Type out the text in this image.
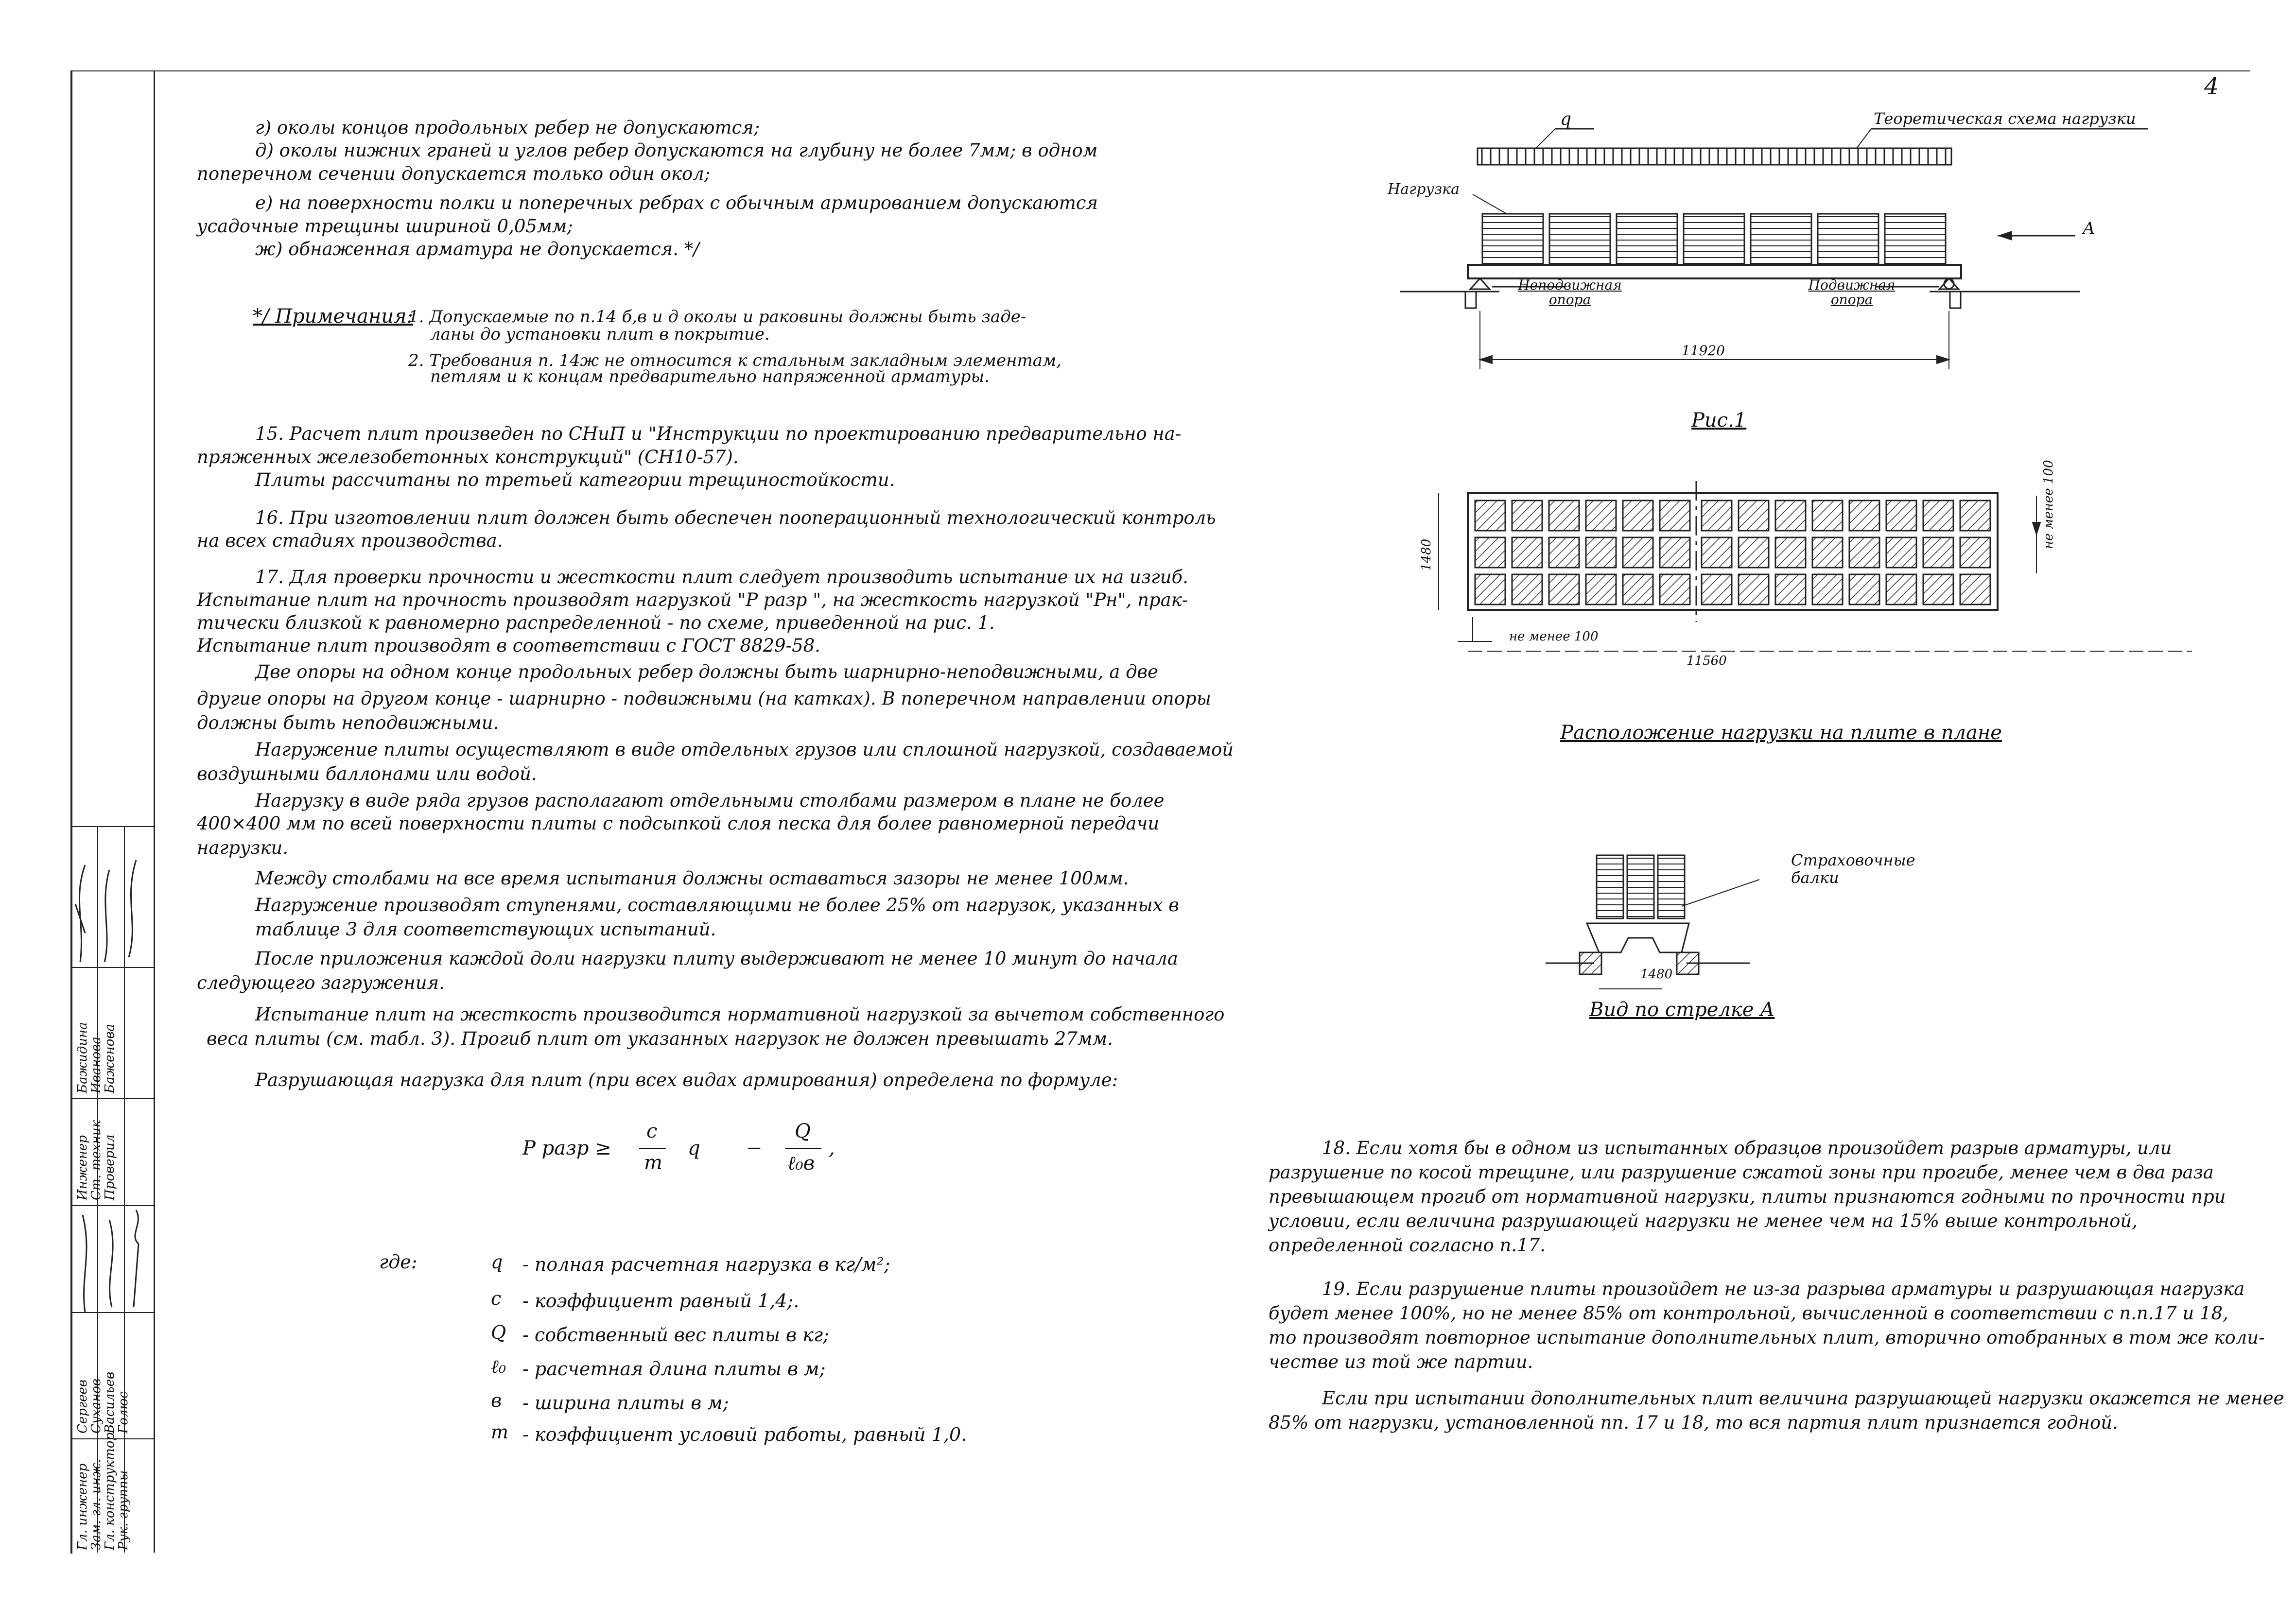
4
Гл. инженер
Зам. гл. инж.
Гл. конструктор
Рук. группы
Сергеев
Суханов
Васильев
Голюс
Инженер
Ст. техник
Проверил
Бажидина
Иванова
Баженова
г) околы концов продольных ребер не допускаются;
д) околы нижних граней и углов ребер допускаются на глубину не более 7мм; в одном
поперечном сечении допускается только один окол;
е) на поверхности полки и поперечных ребрах с обычным армированием допускаются
усадочные трещины шириной 0,05мм;
ж) обнаженная арматура не допускается. */
*/ Примечания:
1. Допускаемые по п.14 б,в и д околы и раковины должны быть заде-
ланы до установки плит в покрытие.
2. Требования п. 14ж не относится к стальным закладным элементам,
петлям и к концам предварительно напряженной арматуры.
15. Расчет плит произведен по СНиП и "Инструкции по проектированию предварительно на-
пряженных железобетонных конструкций" (СН10-57).
Плиты рассчитаны по третьей категории трещиностойкости.
16. При изготовлении плит должен быть обеспечен пооперационный технологический контроль
на всех стадиях производства.
17. Для проверки прочности и жесткости плит следует производить испытание их на изгиб.
Испытание плит на прочность производят нагрузкой "Р разр ", на жесткость нагрузкой "Рн", прак-
тически близкой к равномерно распределенной - по схеме, приведенной на рис. 1.
Испытание плит производят в соответствии с ГОСТ 8829-58.
Две опоры на одном конце продольных ребер должны быть шарнирно-неподвижными, а две
другие опоры на другом конце - шарнирно - подвижными (на катках). В поперечном направлении опоры
должны быть неподвижными.
Нагружение плиты осуществляют в виде отдельных грузов или сплошной нагрузкой, создаваемой
воздушными баллонами или водой.
Нагрузку в виде ряда грузов располагают отдельными столбами размером в плане не более
400×400 мм по всей поверхности плиты с подсыпкой слоя песка для более равномерной передачи
нагрузки.
Между столбами на все время испытания должны оставаться зазоры не менее 100мм.
Нагружение производят ступенями, составляющими не более 25% от нагрузок, указанных в
таблице 3 для соответствующих испытаний.
После приложения каждой доли нагрузки плиту выдерживают не менее 10 минут до начала
следующего загружения.
Испытание плит на жесткость производится нормативной нагрузкой за вычетом собственного
веса плиты (см. табл. 3). Прогиб плит от указанных нагрузок не должен превышать 27мм.
Разрушающая нагрузка для плит (при всех видах армирования) определена по формуле:
Р разр ≥
c
m
q −
Q
ℓ₀в
,
где:	q - полная расчетная нагрузка в кг/м²;
с - коэффициент равный 1,4;.
Q - собственный вес плиты в кг;
ℓ₀ - расчетная длина плиты в м;
в - ширина плиты в м;
m - коэффициент условий работы, равный 1,0.
q	Теоретическая схема нагрузки
Нагрузка
А
Неподвижная опора
Подвижная опора
11920
Рис.1
1480
не менее 100
не менее 100
11560
Расположение нагрузки на плите в плане
Страховочные балки
1480
Вид по стрелке А
18. Если хотя бы в одном из испытанных образцов произойдет разрыв арматуры, или
разрушение по косой трещине, или разрушение сжатой зоны при прогибе, менее чем в два раза
превышающем прогиб от нормативной нагрузки, плиты признаются годными по прочности при
условии, если величина разрушающей нагрузки не менее чем на 15% выше контрольной,
определенной согласно п.17.
19. Если разрушение плиты произойдет не из-за разрыва арматуры и разрушающая нагрузка
будет менее 100%, но не менее 85% от контрольной, вычисленной в соответствии с п.п.17 и 18,
то производят повторное испытание дополнительных плит, вторично отобранных в том же коли-
честве из той же партии.
Если при испытании дополнительных плит величина разрушающей нагрузки окажется не менее
85% от нагрузки, установленной пп. 17 и 18, то вся партия плит признается годной.
